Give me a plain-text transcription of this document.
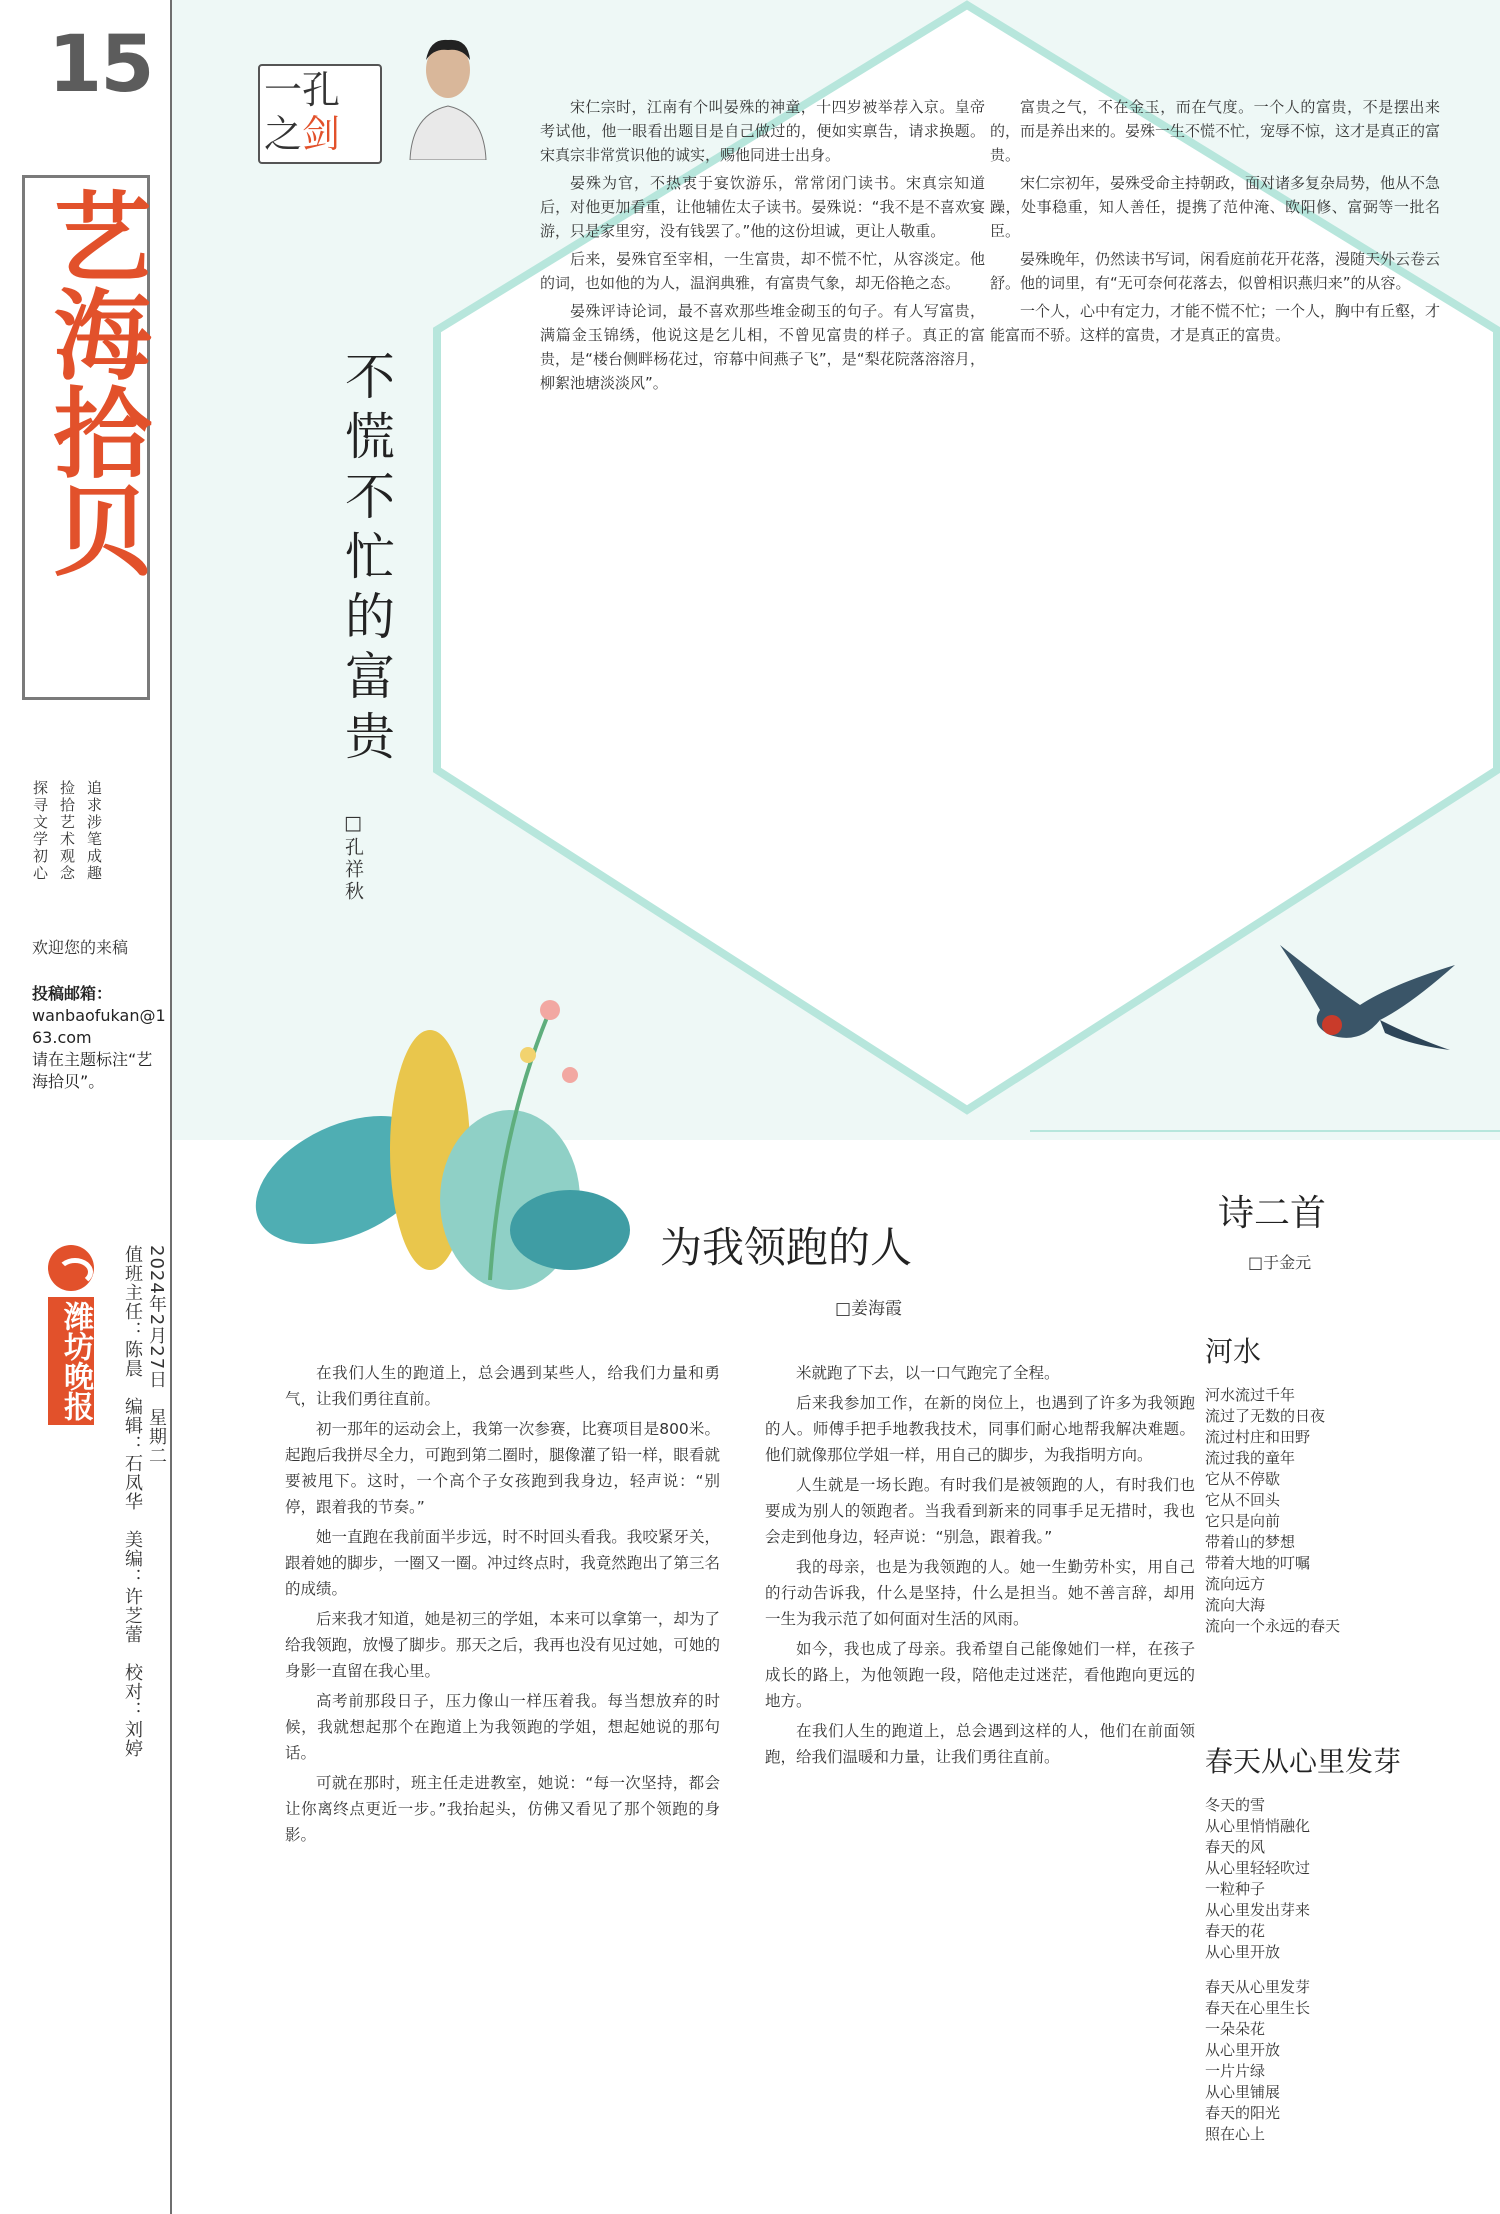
15
艺海拾贝
追求涉笔成趣
捡拾艺术观念
探寻文学初心
欢迎您的来稿
投稿邮箱：
wanbaofukan@163.com
请在主题标注“艺海拾贝”。
潍坊晚报	2024年2月27日　星期二
值班主任：陈晨　编辑：石凤华　美编：许芝蕾　校对：刘婷
一孔
之剑
不慌不忙的富贵
□孔祥秋

宋仁宗时，江南有个叫晏殊的神童，十四岁被举荐入京。皇帝考试他，他一眼看出题目是自己做过的，便如实禀告，请求换题。宋真宗非常赏识他的诚实，赐他同进士出身。

晏殊为官，不热衷于宴饮游乐，常常闭门读书。宋真宗知道后，对他更加看重，让他辅佐太子读书。晏殊说：“我不是不喜欢宴游，只是家里穷，没有钱罢了。”他的这份坦诚，更让人敬重。

后来，晏殊官至宰相，一生富贵，却不慌不忙，从容淡定。他的词，也如他的为人，温润典雅，有富贵气象，却无俗艳之态。

晏殊评诗论词，最不喜欢那些堆金砌玉的句子。有人写富贵，满篇金玉锦绣，他说这是乞儿相，不曾见富贵的样子。真正的富贵，是“楼台侧畔杨花过，帘幕中间燕子飞”，是“梨花院落溶溶月，柳絮池塘淡淡风”。

富贵之气，不在金玉，而在气度。一个人的富贵，不是摆出来的，而是养出来的。晏殊一生不慌不忙，宠辱不惊，这才是真正的富贵。

宋仁宗初年，晏殊受命主持朝政，面对诸多复杂局势，他从不急躁，处事稳重，知人善任，提携了范仲淹、欧阳修、富弼等一批名臣。

晏殊晚年，仍然读书写词，闲看庭前花开花落，漫随天外云卷云舒。他的词里，有“无可奈何花落去，似曾相识燕归来”的从容。

一个人，心中有定力，才能不慌不忙；一个人，胸中有丘壑，才能富而不骄。这样的富贵，才是真正的富贵。

为我领跑的人
□姜海霞

在我们人生的跑道上，总会遇到某些人，给我们力量和勇气，让我们勇往直前。

初一那年的运动会上，我第一次参赛，比赛项目是800米。起跑后我拼尽全力，可跑到第二圈时，腿像灌了铅一样，眼看就要被甩下。这时，一个高个子女孩跑到我身边，轻声说：“别停，跟着我的节奏。”

她一直跑在我前面半步远，时不时回头看我。我咬紧牙关，跟着她的脚步，一圈又一圈。冲过终点时，我竟然跑出了第三名的成绩。

后来我才知道，她是初三的学姐，本来可以拿第一，却为了给我领跑，放慢了脚步。那天之后，我再也没有见过她，可她的身影一直留在我心里。

高考前那段日子，压力像山一样压着我。每当想放弃的时候，我就想起那个在跑道上为我领跑的学姐，想起她说的那句话。

可就在那时，班主任走进教室，她说：“每一次坚持，都会让你离终点更近一步。”我抬起头，仿佛又看见了那个领跑的身影。

米就跑了下去，以一口气跑完了全程。

后来我参加工作，在新的岗位上，也遇到了许多为我领跑的人。师傅手把手地教我技术，同事们耐心地帮我解决难题。他们就像那位学姐一样，用自己的脚步，为我指明方向。

人生就是一场长跑。有时我们是被领跑的人，有时我们也要成为别人的领跑者。当我看到新来的同事手足无措时，我也会走到他身边，轻声说：“别急，跟着我。”

我的母亲，也是为我领跑的人。她一生勤劳朴实，用自己的行动告诉我，什么是坚持，什么是担当。她不善言辞，却用一生为我示范了如何面对生活的风雨。

如今，我也成了母亲。我希望自己能像她们一样，在孩子成长的路上，为他领跑一段，陪他走过迷茫，看他跑向更远的地方。

在我们人生的跑道上，总会遇到这样的人，他们在前面领跑，给我们温暖和力量，让我们勇往直前。

诗二首
□于金元
河水
河水流过千年
流过了无数的日夜
流过村庄和田野
流过我的童年
它从不停歇
它从不回头
它只是向前
带着山的梦想
带着大地的叮嘱
流向远方
流向大海
流向一个永远的春天
春天从心里发芽
冬天的雪
从心里悄悄融化
春天的风
从心里轻轻吹过
一粒种子
从心里发出芽来
春天的花
从心里开放
春天从心里发芽
春天在心里生长
一朵朵花
从心里开放
一片片绿
从心里铺展
春天的阳光
照在心上
